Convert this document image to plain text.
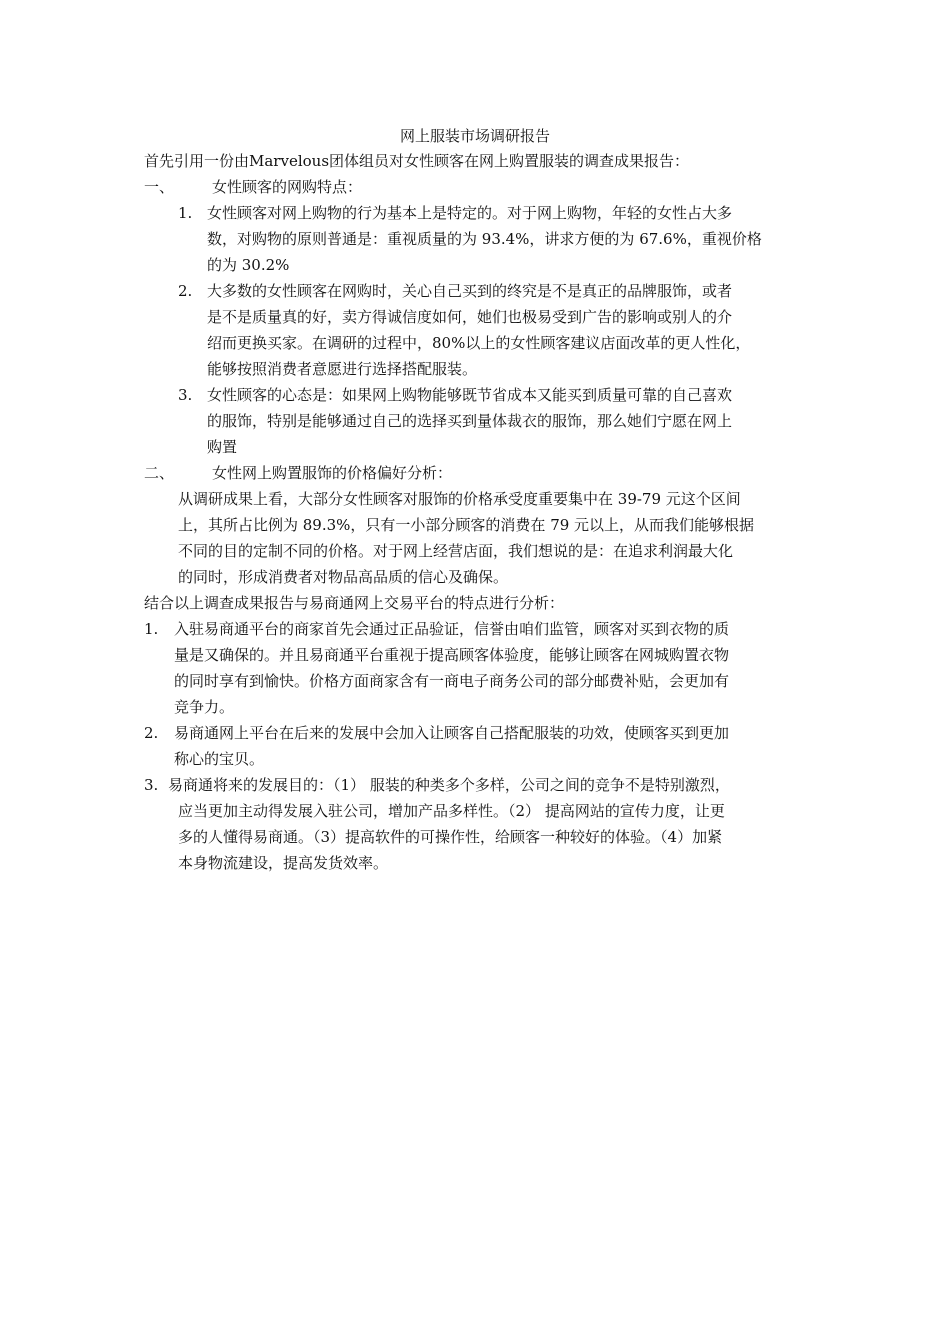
网上服装市场调研报告
首先引用一份由Marvelous团体组员对女性顾客在网上购置服装的调查成果报告：
一、	女性顾客的网购特点：
1. 女性顾客对网上购物的行为基本上是特定的。对于网上购物，年轻的女性占大多
数，对购物的原则普通是：重视质量的为 93.4%，讲求方便的为 67.6%，重视价格
的为 30.2%
2. 大多数的女性顾客在网购时，关心自己买到的终究是不是真正的品牌服饰，或者
是不是质量真的好，卖方得诚信度如何，她们也极易受到广告的影响或别人的介
绍而更换买家。在调研的过程中，80%以上的女性顾客建议店面改革的更人性化，
能够按照消费者意愿进行选择搭配服装。
3. 女性顾客的心态是：如果网上购物能够既节省成本又能买到质量可靠的自己喜欢
的服饰，特别是能够通过自己的选择买到量体裁衣的服饰，那么她们宁愿在网上
购置
二、	女性网上购置服饰的价格偏好分析：
从调研成果上看，大部分女性顾客对服饰的价格承受度重要集中在 39-79 元这个区间
上，其所占比例为 89.3%，只有一小部分顾客的消费在 79 元以上，从而我们能够根据
不同的目的定制不同的价格。对于网上经营店面，我们想说的是：在追求利润最大化
的同时，形成消费者对物品高品质的信心及确保。
结合以上调查成果报告与易商通网上交易平台的特点进行分析：
1. 入驻易商通平台的商家首先会通过正品验证，信誉由咱们监管，顾客对买到衣物的质
量是又确保的。并且易商通平台重视于提高顾客体验度，能够让顾客在网城购置衣物
的同时享有到愉快。价格方面商家含有一商电子商务公司的部分邮费补贴，会更加有
竞争力。
2. 易商通网上平台在后来的发展中会加入让顾客自己搭配服装的功效，使顾客买到更加
称心的宝贝。
3. 易商通将来的发展目的：（1） 服装的种类多个多样，公司之间的竞争不是特别激烈，
应当更加主动得发展入驻公司，增加产品多样性。（2） 提高网站的宣传力度，让更
多的人懂得易商通。（3）提高软件的可操作性，给顾客一种较好的体验。（4）加紧
本身物流建设，提高发货效率。
